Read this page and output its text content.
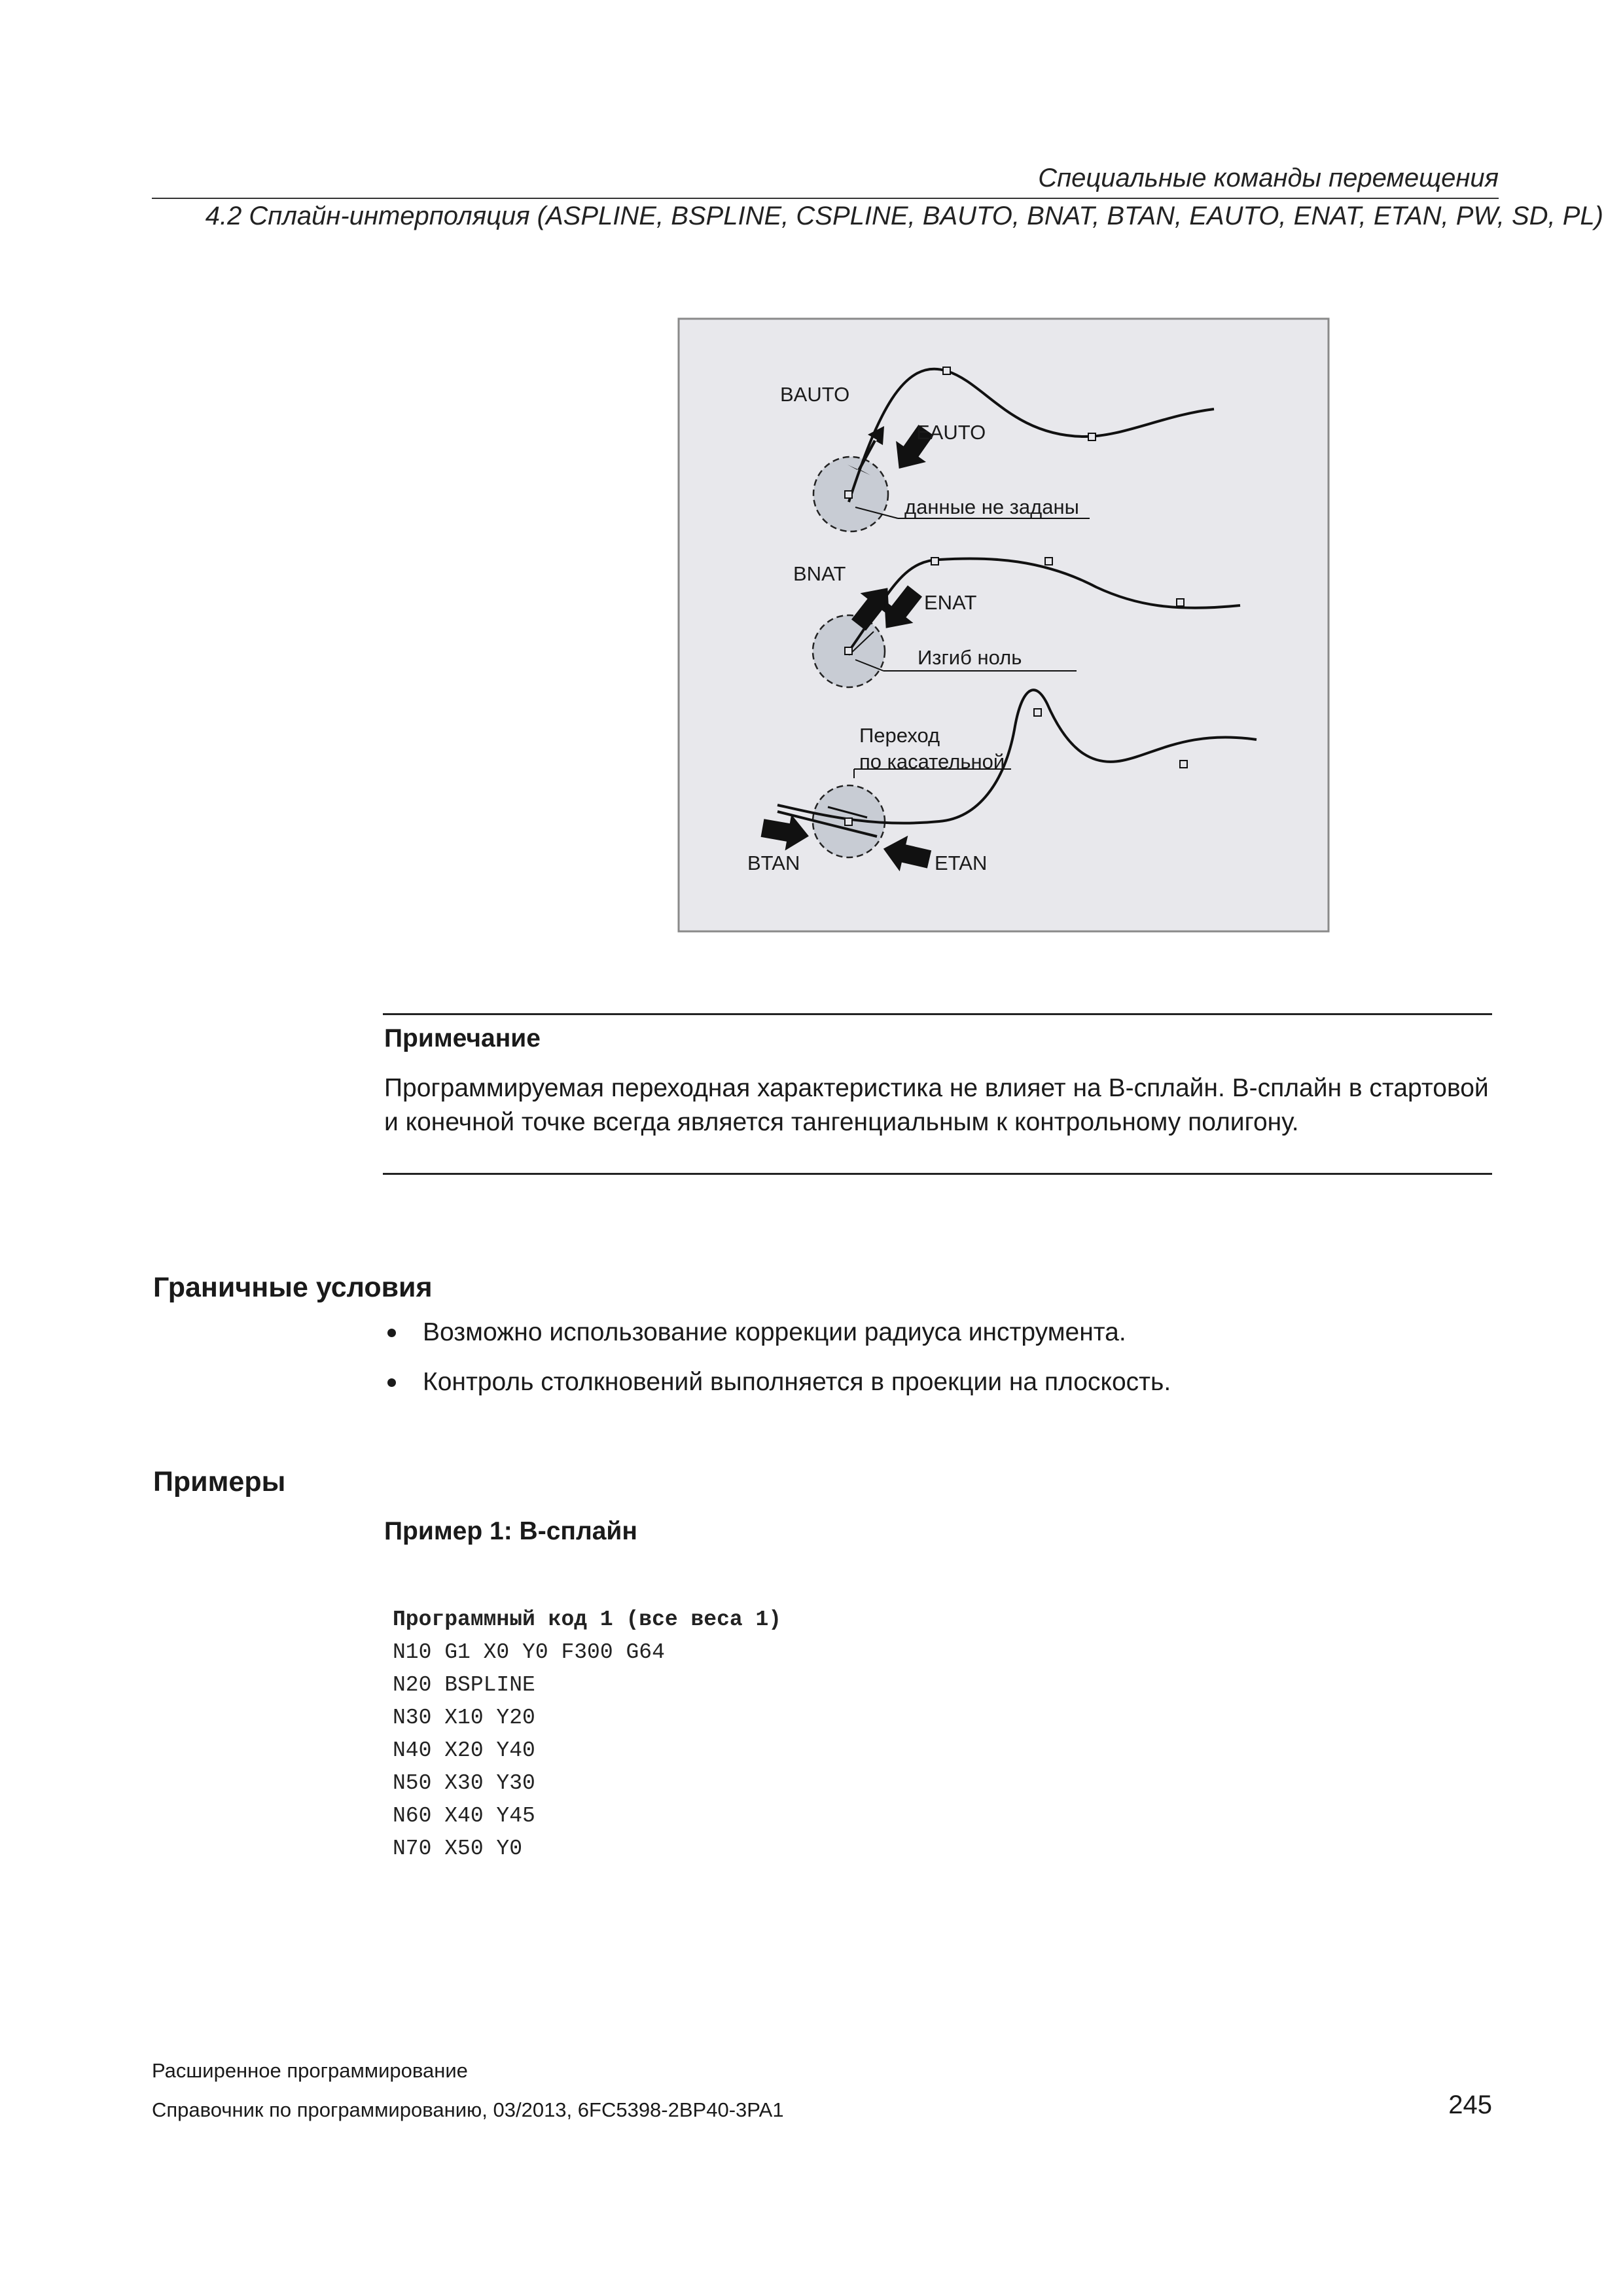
Специальные команды перемещения
4.2 Сплайн-интерполяция (ASPLINE, BSPLINE, CSPLINE, BAUTO, BNAT, BTAN, EAUTO, ENAT, ETAN, PW, SD, PL)
BAUTO
EAUTO
данные не заданы
BNAT
ENAT
Изгиб ноль
Переход
по касательной
BTAN	ETAN
Примечание
Программируемая переходная характеристика не влияет на B-сплайн. B-сплайн в стартовой и конечной точке всегда является тангенциальным к контрольному полигону.
Граничные условия
Возможно использование коррекции радиуса инструмента.
Контроль столкновений выполняется в проекции на плоскость.
Примеры
Пример 1: B-сплайн
Программный код 1 (все веса 1)
N10 G1 X0 Y0 F300 G64
N20 BSPLINE
N30 X10 Y20
N40 X20 Y40
N50 X30 Y30
N60 X40 Y45
N70 X50 Y0
Расширенное программирование
Справочник по программированию, 03/2013, 6FC5398-2BP40-3PA1	245
